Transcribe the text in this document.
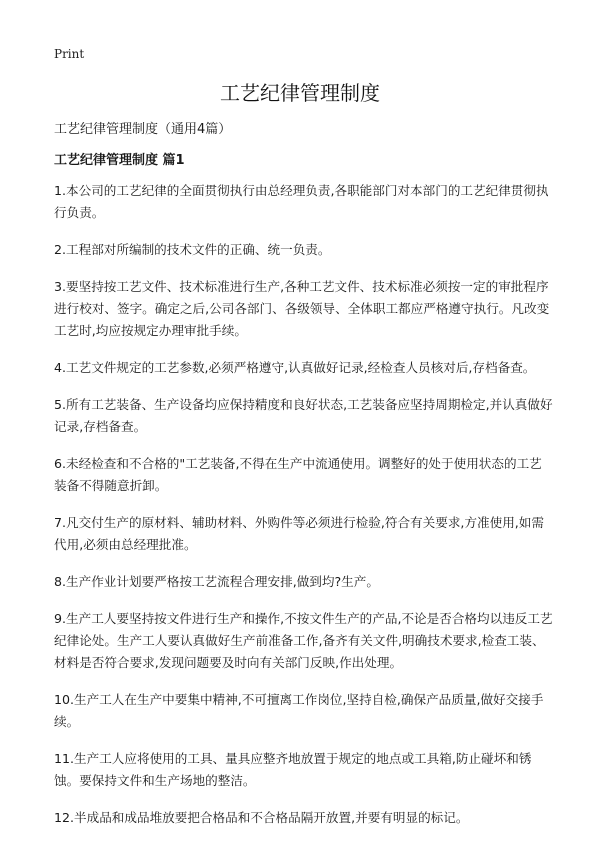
Print
工艺纪律管理制度
工艺纪律管理制度（通用4篇）
工艺纪律管理制度 篇1

1.本公司的工艺纪律的全面贯彻执行由总经理负责,各职能部门对本部门的工艺纪律贯彻执行负责。

2.工程部对所编制的技术文件的正确、统一负责。

3.要坚持按工艺文件、技术标准进行生产,各种工艺文件、技术标准必须按一定的审批程序进行校对、签字。确定之后,公司各部门、各级领导、全体职工都应严格遵守执行。凡改变工艺时,均应按规定办理审批手续。

4.工艺文件规定的工艺参数,必须严格遵守,认真做好记录,经检查人员核对后,存档备查。

5.所有工艺装备、生产设备均应保持精度和良好状态,工艺装备应坚持周期检定,并认真做好记录,存档备查。

6.未经检查和不合格的"工艺装备,不得在生产中流通使用。调整好的处于使用状态的工艺装备不得随意折卸。

7.凡交付生产的原材料、辅助材料、外购件等必须进行检验,符合有关要求,方准使用,如需代用,必须由总经理批准。

8.生产作业计划要严格按工艺流程合理安排,做到均?生产。

9.生产工人要坚持按文件进行生产和操作,不按文件生产的产品,不论是否合格均以违反工艺纪律论处。生产工人要认真做好生产前准备工作,备齐有关文件,明确技术要求,检查工装、材料是否符合要求,发现问题要及时向有关部门反映,作出处理。

10.生产工人在生产中要集中精神,不可擅离工作岗位,坚持自检,确保产品质量,做好交接手续。

11.生产工人应将使用的工具、量具应整齐地放置于规定的地点或工具箱,防止碰坏和锈蚀。要保持文件和生产场地的整洁。

12.半成品和成品堆放要把合格品和不合格品隔开放置,并要有明显的标记。
